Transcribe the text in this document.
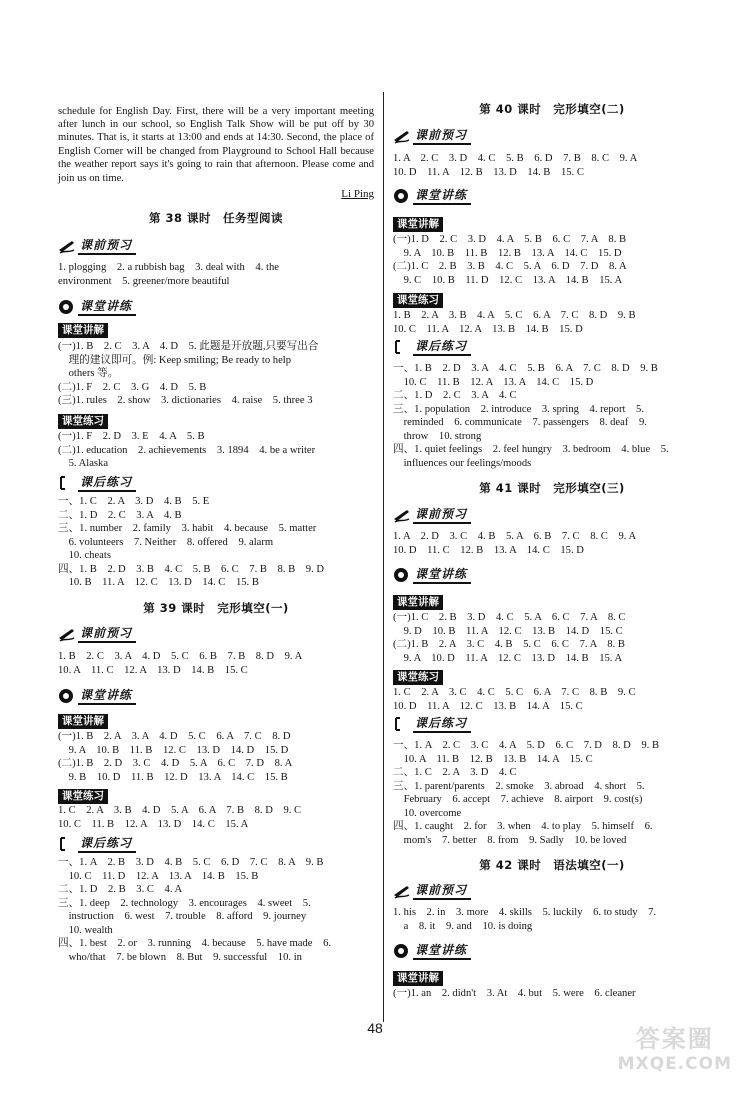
schedule for English Day. First, there will be a very important meeting after lunch in our school, so English Talk Show will be put off by 30 minutes. That is, it starts at 13:00 and ends at 14:30. Second, the place of English Corner will be changed from Playground to School Hall because the weather report says it's going to rain that afternoon. Please come and join us on time.

Li Ping
第 38 课时　任务型阅读
课前预习

1. plogging　2. a rubbish bag　3. deal with　4. the

environment　5. greener/more beautiful

课堂讲练
课堂讲解

(一)1. B　2. C　3. A　4. D　5. 此题是开放题,只要写出合

　理的建议即可。例: Keep smiling; Be ready to help

　others 等。

(二)1. F　2. C　3. G　4. D　5. B

(三)1. rules　2. show　3. dictionaries　4. raise　5. three 3

课堂练习

(一)1. F　2. D　3. E　4. A　5. B

(二)1. education　2. achievements　3. 1894　4. be a writer

　5. Alaska

课后练习

一、1. C　2. A　3. D　4. B　5. E

二、1. D　2. C　3. A　4. B

三、1. number　2. family　3. habit　4. because　5. matter

　6. volunteers　7. Neither　8. offered　9. alarm

　10. cheats

四、1. B　2. D　3. B　4. C　5. B　6. C　7. B　8. B　9. D

　10. B　11. A　12. C　13. D　14. C　15. B

第 39 课时　完形填空(一)
课前预习

1. B　2. C　3. A　4. D　5. C　6. B　7. B　8. D　9. A

10. A　11. C　12. A　13. D　14. B　15. C

课堂讲练
课堂讲解

(一)1. B　2. A　3. A　4. D　5. C　6. A　7. C　8. D

　9. A　10. B　11. B　12. C　13. D　14. D　15. D

(二)1. B　2. D　3. C　4. D　5. A　6. C　7. D　8. A

　9. B　10. D　11. B　12. D　13. A　14. C　15. B

课堂练习

1. C　2. A　3. B　4. D　5. A　6. A　7. B　8. D　9. C

10. C　11. B　12. A　13. D　14. C　15. A

课后练习

一、1. A　2. B　3. D　4. B　5. C　6. D　7. C　8. A　9. B

　10. C　11. D　12. A　13. A　14. B　15. B

二、1. D　2. B　3. C　4. A

三、1. deep　2. technology　3. encourages　4. sweet　5.

　instruction　6. west　7. trouble　8. afford　9. journey

　10. wealth

四、1. best　2. or　3. running　4. because　5. have made　6.

　who/that　7. be blown　8. But　9. successful　10. in

第 40 课时　完形填空(二)
课前预习

1. A　2. C　3. D　4. C　5. B　6. D　7. B　8. C　9. A

10. D　11. A　12. B　13. D　14. B　15. C

课堂讲练
课堂讲解

(一)1. D　2. C　3. D　4. A　5. B　6. C　7. A　8. B

　9. A　10. B　11. B　12. B　13. A　14. C　15. D

(二)1. C　2. B　3. B　4. C　5. A　6. D　7. D　8. A

　9. C　10. B　11. D　12. C　13. A　14. B　15. A

课堂练习

1. B　2. A　3. B　4. A　5. C　6. A　7. C　8. D　9. B

10. C　11. A　12. A　13. B　14. B　15. D

课后练习

一、1. B　2. D　3. A　4. C　5. B　6. A　7. C　8. D　9. B

　10. C　11. B　12. A　13. A　14. C　15. D

二、1. D　2. C　3. A　4. C

三、1. population　2. introduce　3. spring　4. report　5.

　reminded　6. communicate　7. passengers　8. deaf　9.

　throw　10. strong

四、1. quiet feelings　2. feel hungry　3. bedroom　4. blue　5.

　influences our feelings/moods

第 41 课时　完形填空(三)
课前预习

1. A　2. D　3. C　4. B　5. A　6. B　7. C　8. C　9. A

10. D　11. C　12. B　13. A　14. C　15. D

课堂讲练
课堂讲解

(一)1. C　2. B　3. D　4. C　5. A　6. C　7. A　8. C

　9. D　10. B　11. A　12. C　13. B　14. D　15. C

(二)1. B　2. A　3. C　4. B　5. C　6. C　7. A　8. B

　9. A　10. D　11. A　12. C　13. D　14. B　15. A

课堂练习

1. C　2. A　3. C　4. C　5. C　6. A　7. C　8. B　9. C

10. D　11. A　12. C　13. B　14. A　15. C

课后练习

一、1. A　2. C　3. C　4. A　5. D　6. C　7. D　8. D　9. B

　10. A　11. B　12. B　13. B　14. A　15. C

二、1. C　2. A　3. D　4. C

三、1. parent/parents　2. smoke　3. abroad　4. short　5.

　February　6. accept　7. achieve　8. airport　9. cost(s)

　10. overcome

四、1. caught　2. for　3. when　4. to play　5. himself　6.

　mom's　7. better　8. from　9. Sadly　10. be loved

第 42 课时　语法填空(一)
课前预习

1. his　2. in　3. more　4. skills　5. luckily　6. to study　7.

　a　8. it　9. and　10. is doing

课堂讲练
课堂讲解

(一)1. an　2. didn't　3. At　4. but　5. were　6. cleaner

48	答案圈
MXQE.COM
